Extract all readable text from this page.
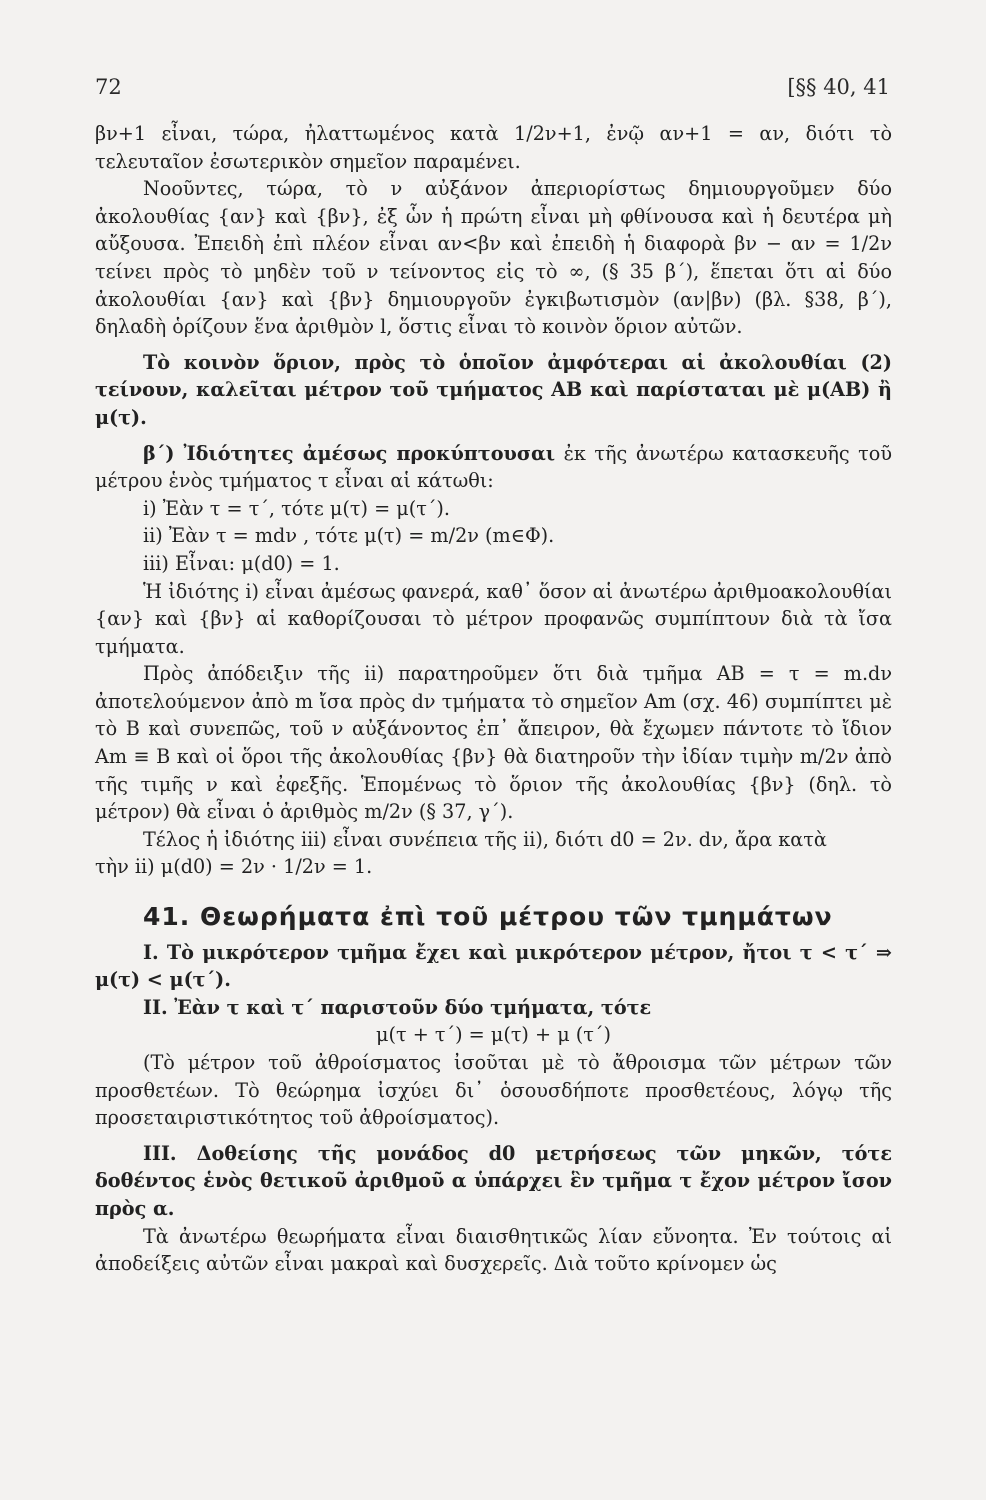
72	[§§ 40, 41

βν+1 εἶναι, τώρα, ἠλαττωμένος κατὰ 1/2ν+1, ἐνῷ αν+1 = αν, διότι τὸ τελευταῖον ἐσωτερικὸν σημεῖον παραμένει.

Νοοῦντες, τώρα, τὸ ν αὐξάνον ἀπεριορίστως δημιουργοῦμεν δύο ἀκολουθίας {αν} καὶ {βν}, ἐξ ὧν ἡ πρώτη εἶναι μὴ φθίνουσα καὶ ἡ δευτέρα μὴ αὔξουσα. Ἐπειδὴ ἐπὶ πλέον εἶναι αν<βν καὶ ἐπειδὴ ἡ διαφορὰ βν − αν = 1/2ν τείνει πρὸς τὸ μηδὲν τοῦ ν τείνοντος εἰς τὸ ∞, (§ 35 β΄), ἕπεται ὅτι αἱ δύο ἀκολουθίαι {αν} καὶ {βν} δημιουργοῦν ἐγκιβωτισμὸν (αν|βν) (βλ. §38, β΄), δηλαδὴ ὁρίζουν ἕνα ἀριθμὸν l, ὅστις εἶναι τὸ κοινὸν ὅριον αὐτῶν.

Τὸ κοινὸν ὅριον, πρὸς τὸ ὁποῖον ἀμφότεραι αἱ ἀκολουθίαι (2) τείνουν, καλεῖται μέτρον τοῦ τμήματος ΑΒ καὶ παρίσταται μὲ μ(ΑΒ) ἢ μ(τ).

β΄) Ἰδιότητες ἀμέσως προκύπτουσαι ἐκ τῆς ἀνωτέρω κατασκευῆς τοῦ μέτρου ἑνὸς τμήματος τ εἶναι αἱ κάτωθι:

i) Ἐὰν τ = τ΄, τότε μ(τ) = μ(τ΄).

ii) Ἐὰν τ = mdν , τότε μ(τ) = m/2ν (m∈Φ).

iii) Εἶναι: μ(d0) = 1.

Ἡ ἰδιότης i) εἶναι ἀμέσως φανερά, καθ᾽ ὅσον αἱ ἀνωτέρω ἀριθμοακολουθίαι {αν} καὶ {βν} αἱ καθορίζουσαι τὸ μέτρον προφανῶς συμπίπτουν διὰ τὰ ἴσα τμήματα.

Πρὸς ἀπόδειξιν τῆς ii) παρατηροῦμεν ὅτι διὰ τμῆμα ΑΒ = τ = m.dν ἀποτελούμενον ἀπὸ m ἴσα πρὸς dν τμήματα τὸ σημεῖον Am (σχ. 46) συμπίπτει μὲ τὸ Β καὶ συνεπῶς, τοῦ ν αὐξάνοντος ἐπ᾽ ἄπειρον, θὰ ἔχωμεν πάντοτε τὸ ἴδιον Am ≡ Β καὶ οἱ ὅροι τῆς ἀκολουθίας {βν} θὰ διατηροῦν τὴν ἰδίαν τιμὴν m/2ν ἀπὸ τῆς τιμῆς ν καὶ ἐφεξῆς. Ἑπομένως τὸ ὅριον τῆς ἀκολουθίας {βν} (δηλ. τὸ μέτρον) θὰ εἶναι ὁ ἀριθμὸς m/2ν (§ 37, γ΄).

Τέλος ἡ ἰδιότης iii) εἶναι συνέπεια τῆς ii), διότι d0 = 2ν. dν, ἄρα κατὰ

τὴν ii) μ(d0) = 2ν · 1/2ν = 1.

41. Θεωρήματα ἐπὶ τοῦ μέτρου τῶν τμημάτων

I. Τὸ μικρότερον τμῆμα ἔχει καὶ μικρότερον μέτρον, ἤτοι τ < τ΄ ⇒ μ(τ) < μ(τ΄).

II. Ἐὰν τ καὶ τ΄ παριστοῦν δύο τμήματα, τότε

μ(τ + τ΄) = μ(τ) + μ (τ΄)

(Τὸ μέτρον τοῦ ἀθροίσματος ἰσοῦται μὲ τὸ ἄθροισμα τῶν μέτρων τῶν προσθετέων. Τὸ θεώρημα ἰσχύει δι᾽ ὁσουσδήποτε προσθετέους, λόγῳ τῆς προσεταιριστικότητος τοῦ ἀθροίσματος).

III. Δοθείσης τῆς μονάδος d0 μετρήσεως τῶν μηκῶν, τότε δοθέντος ἑνὸς θετικοῦ ἀριθμοῦ α ὑπάρχει ἓν τμῆμα τ ἔχον μέτρον ἴσον πρὸς α.

Τὰ ἀνωτέρω θεωρήματα εἶναι διαισθητικῶς λίαν εὔνοητα. Ἐν τούτοις αἱ ἀποδείξεις αὐτῶν εἶναι μακραὶ καὶ δυσχερεῖς. Διὰ τοῦτο κρίνομεν ὡς
